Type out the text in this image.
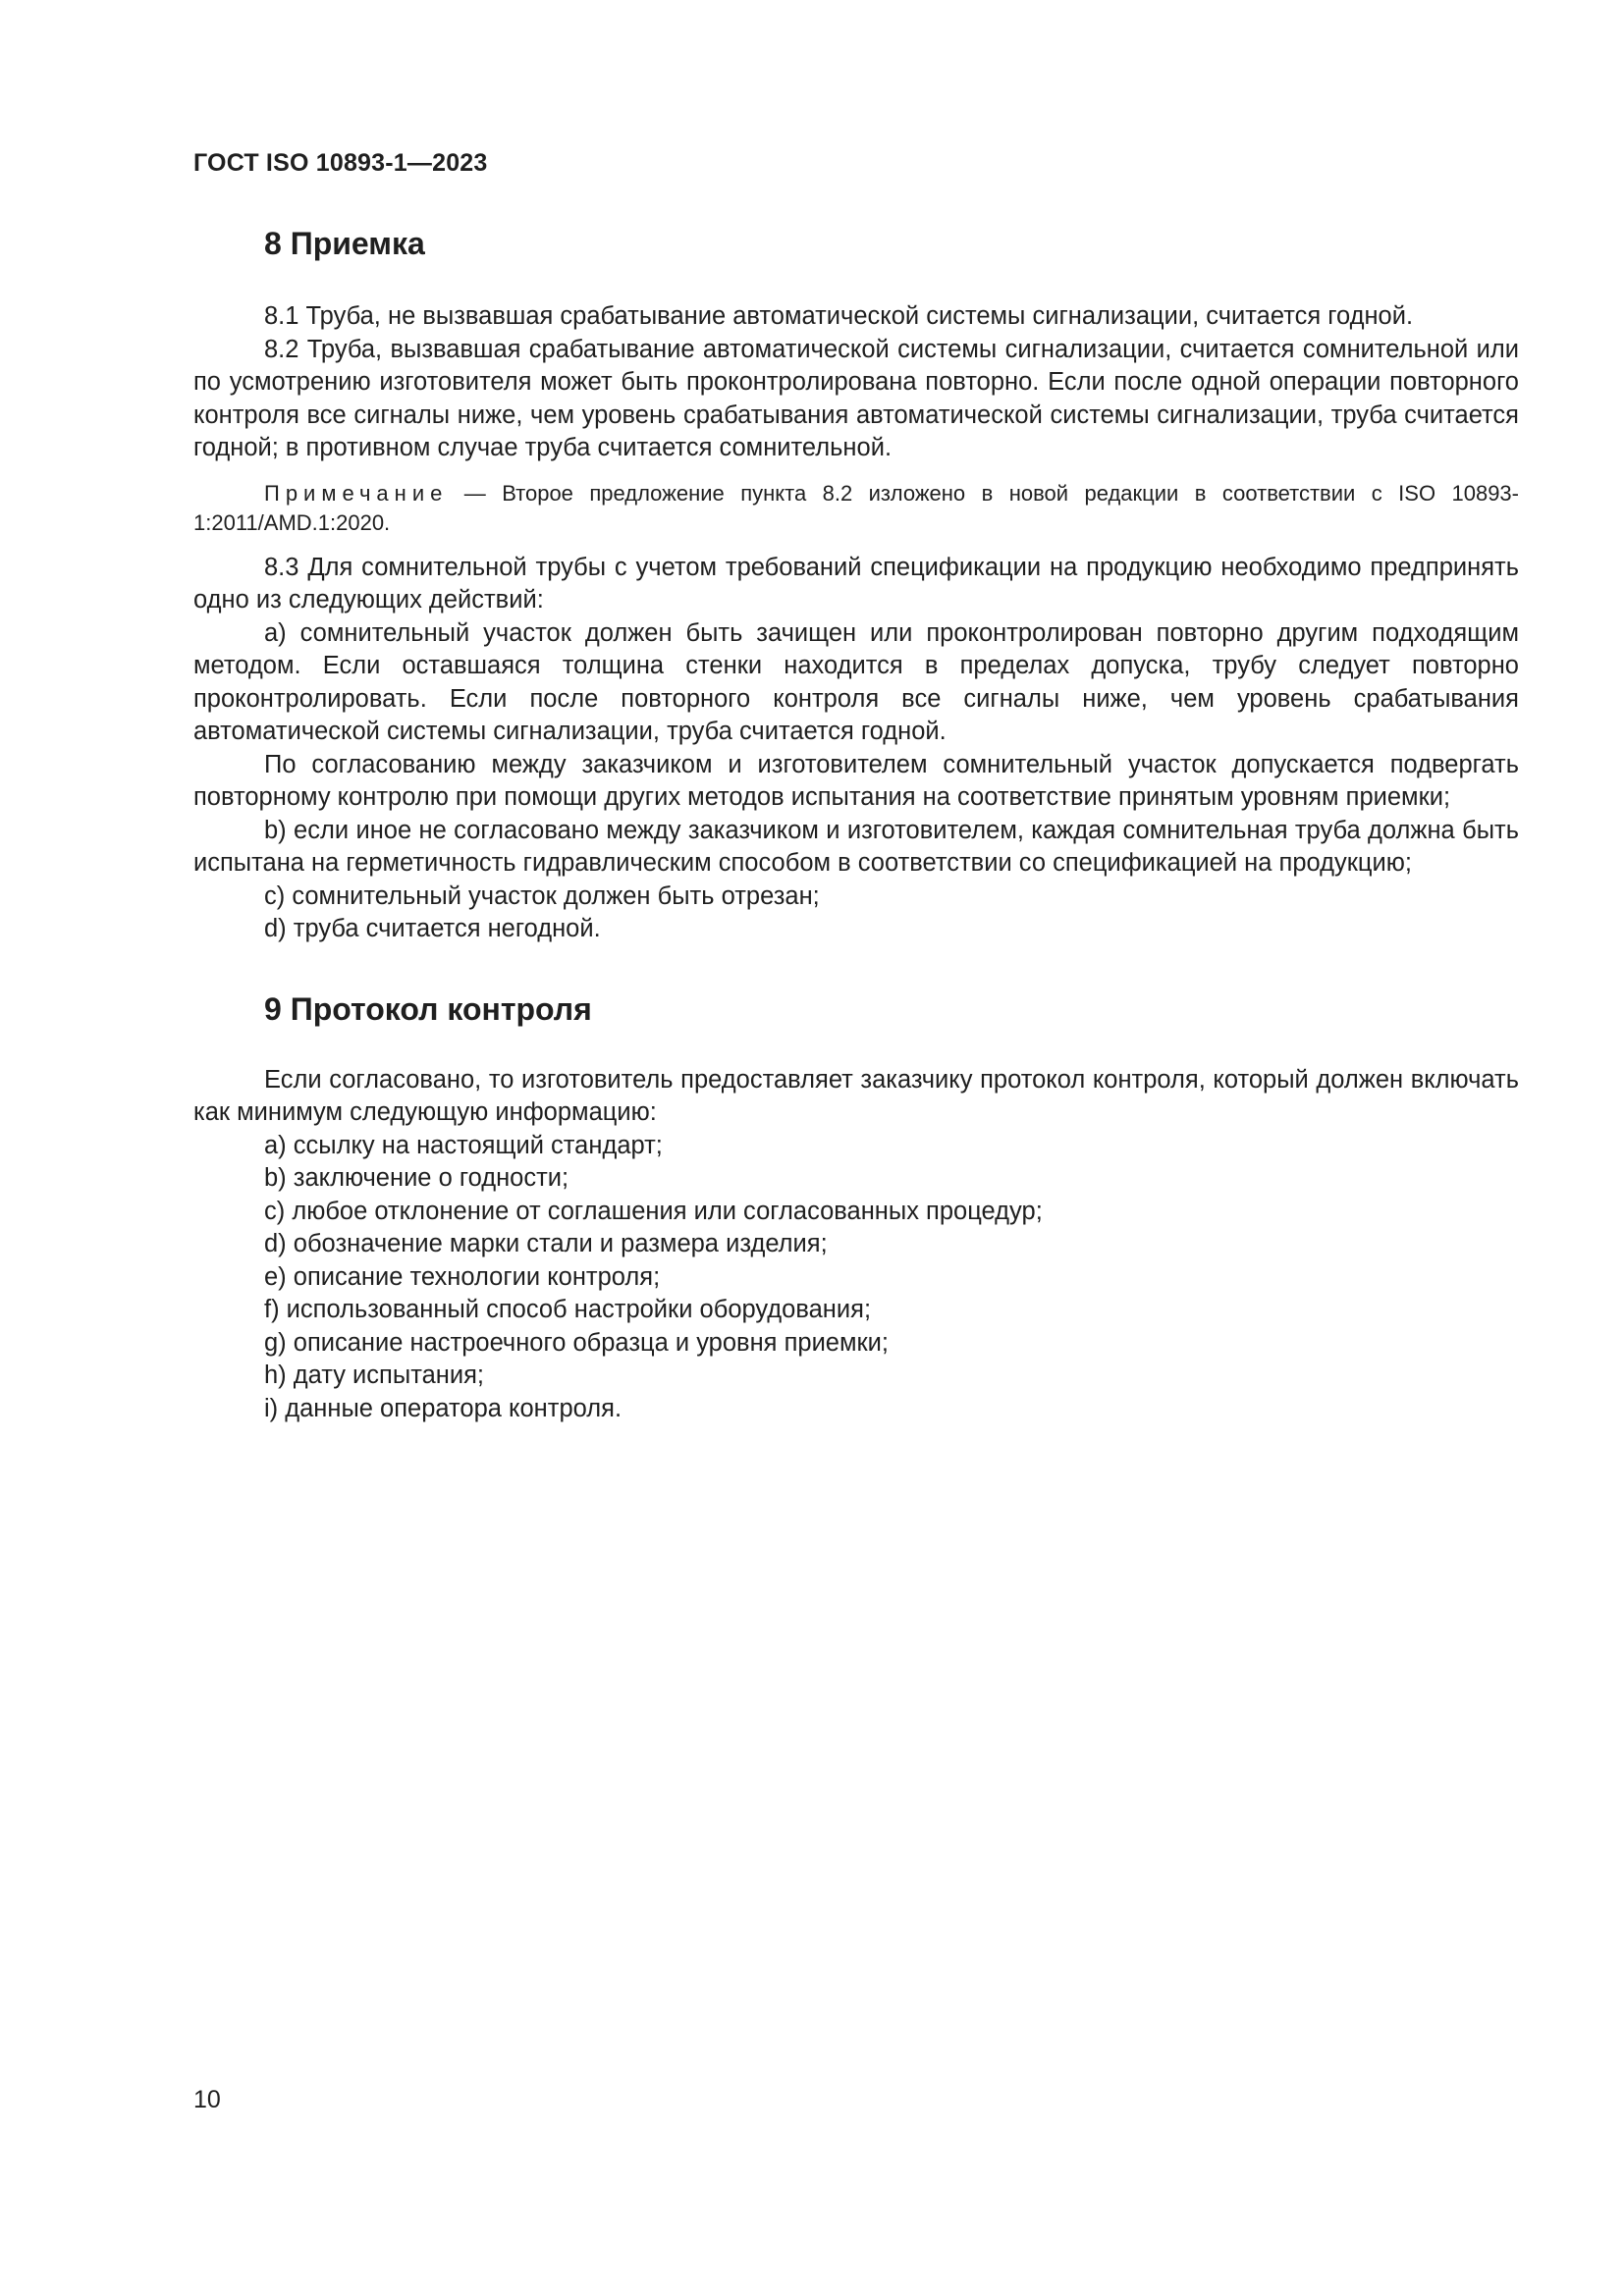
ГОСТ ISO 10893-1—2023
8 Приемка

8.1 Труба, не вызвавшая срабатывание автоматической системы сигнализации, считается годной.

8.2 Труба, вызвавшая срабатывание автоматической системы сигнализации, считается сомнительной или по усмотрению изготовителя может быть проконтролирована повторно. Если после одной операции повторного контроля все сигналы ниже, чем уровень срабатывания автоматической системы сигнализации, труба считается годной; в противном случае труба считается сомнительной.

Примечание — Второе предложение пункта 8.2 изложено в новой редакции в соответствии с ISO 10893-1:2011/AMD.1:2020.

8.3 Для сомнительной трубы с учетом требований спецификации на продукцию необходимо предпринять одно из следующих действий:

a) сомнительный участок должен быть зачищен или проконтролирован повторно другим подходящим методом. Если оставшаяся толщина стенки находится в пределах допуска, трубу следует повторно проконтролировать. Если после повторного контроля все сигналы ниже, чем уровень срабатывания автоматической системы сигнализации, труба считается годной.

По согласованию между заказчиком и изготовителем сомнительный участок допускается подвергать повторному контролю при помощи других методов испытания на соответствие принятым уровням приемки;

b) если иное не согласовано между заказчиком и изготовителем, каждая сомнительная труба должна быть испытана на герметичность гидравлическим способом в соответствии со спецификацией на продукцию;

c) сомнительный участок должен быть отрезан;

d) труба считается негодной.

9 Протокол контроля

Если согласовано, то изготовитель предоставляет заказчику протокол контроля, который должен включать как минимум следующую информацию:

a) ссылку на настоящий стандарт;

b) заключение о годности;

c) любое отклонение от соглашения или согласованных процедур;

d) обозначение марки стали и размера изделия;

e) описание технологии контроля;

f) использованный способ настройки оборудования;

g) описание настроечного образца и уровня приемки;

h) дату испытания;

i) данные оператора контроля.

10
